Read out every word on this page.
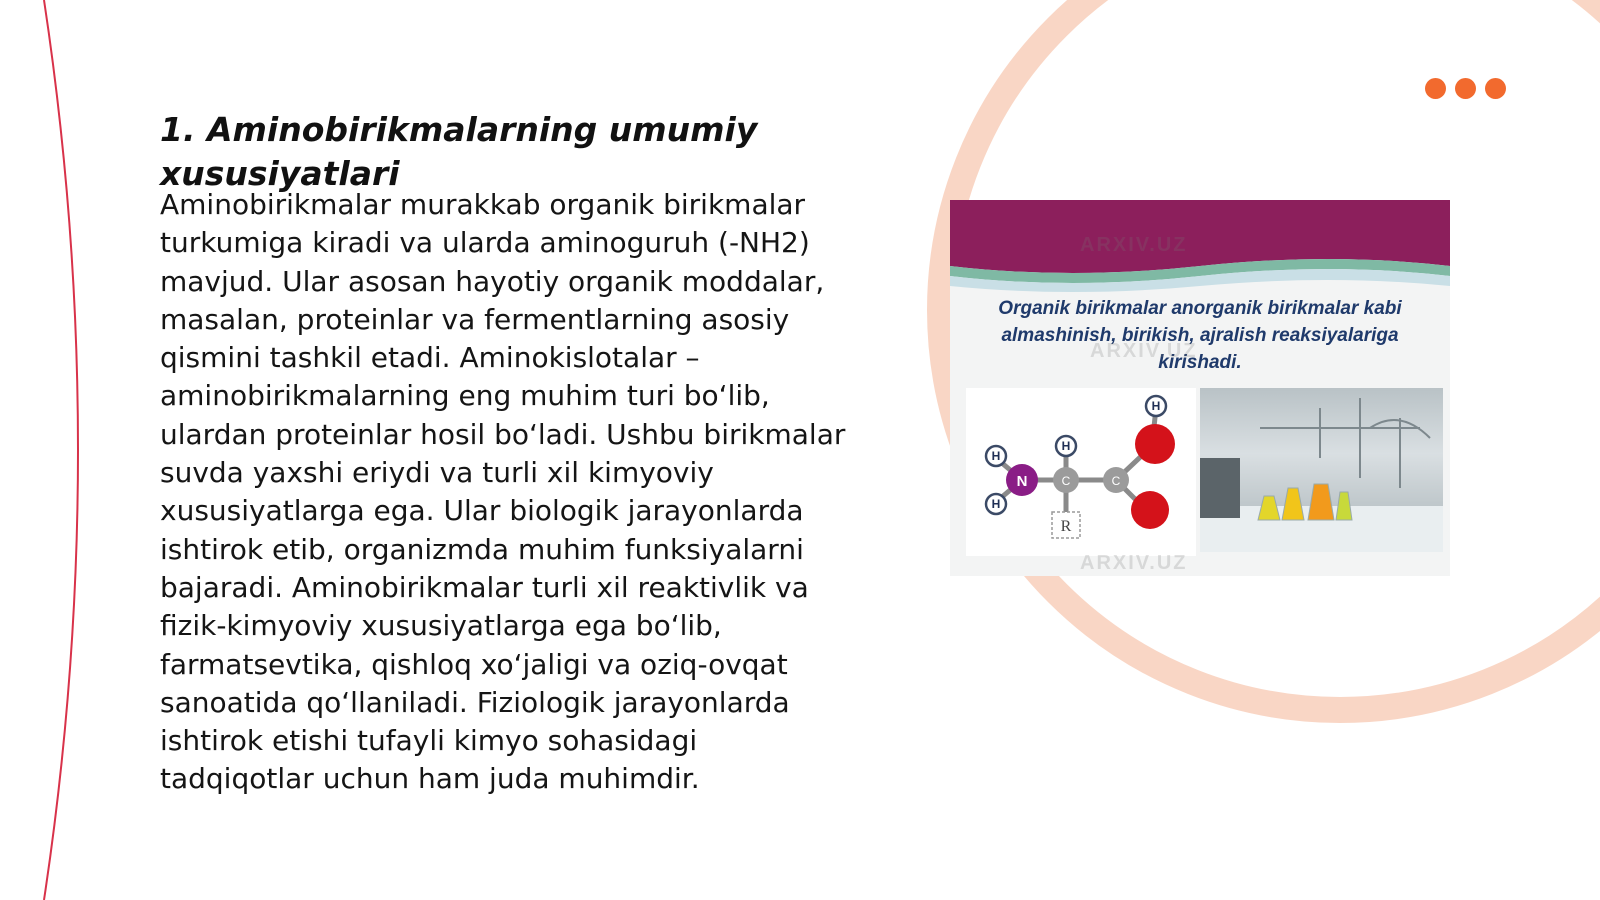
1. Aminobirikmalarning umumiy xususiyatlari

Aminobirikmalar murakkab organik birikmalar turkumiga kiradi va ularda aminoguruh (-NH2) mavjud. Ular asosan hayotiy organik moddalar, masalan, proteinlar va fermentlarning asosiy qismini tashkil etadi. Aminokislotalar – aminobirikmalarning eng muhim turi bo‘lib, ulardan proteinlar hosil bo‘ladi. Ushbu birikmalar suvda yaxshi eriydi va turli xil kimyoviy xususiyatlarga ega. Ular biologik jarayonlarda ishtirok etib, organizmda muhim funksiyalarni bajaradi. Aminobirikmalar turli xil reaktivlik va fizik-kimyoviy xususiyatlarga ega bo‘lib, farmatsevtika, qishloq xo‘jaligi va oziq-ovqat sanoatida qo‘llaniladi. Fiziologik jarayonlarda ishtirok etishi tufayli kimyo sohasidagi tadqiqotlar uchun ham juda muhimdir.

Organik birikmalar anorganik birikmalar kabi almashinish, birikish, ajralish reaksiyalariga kirishadi.
N	C	C
H
H
H
H
R
ARXIV.UZ
ARXIV.UZ
ARXIV.UZ
